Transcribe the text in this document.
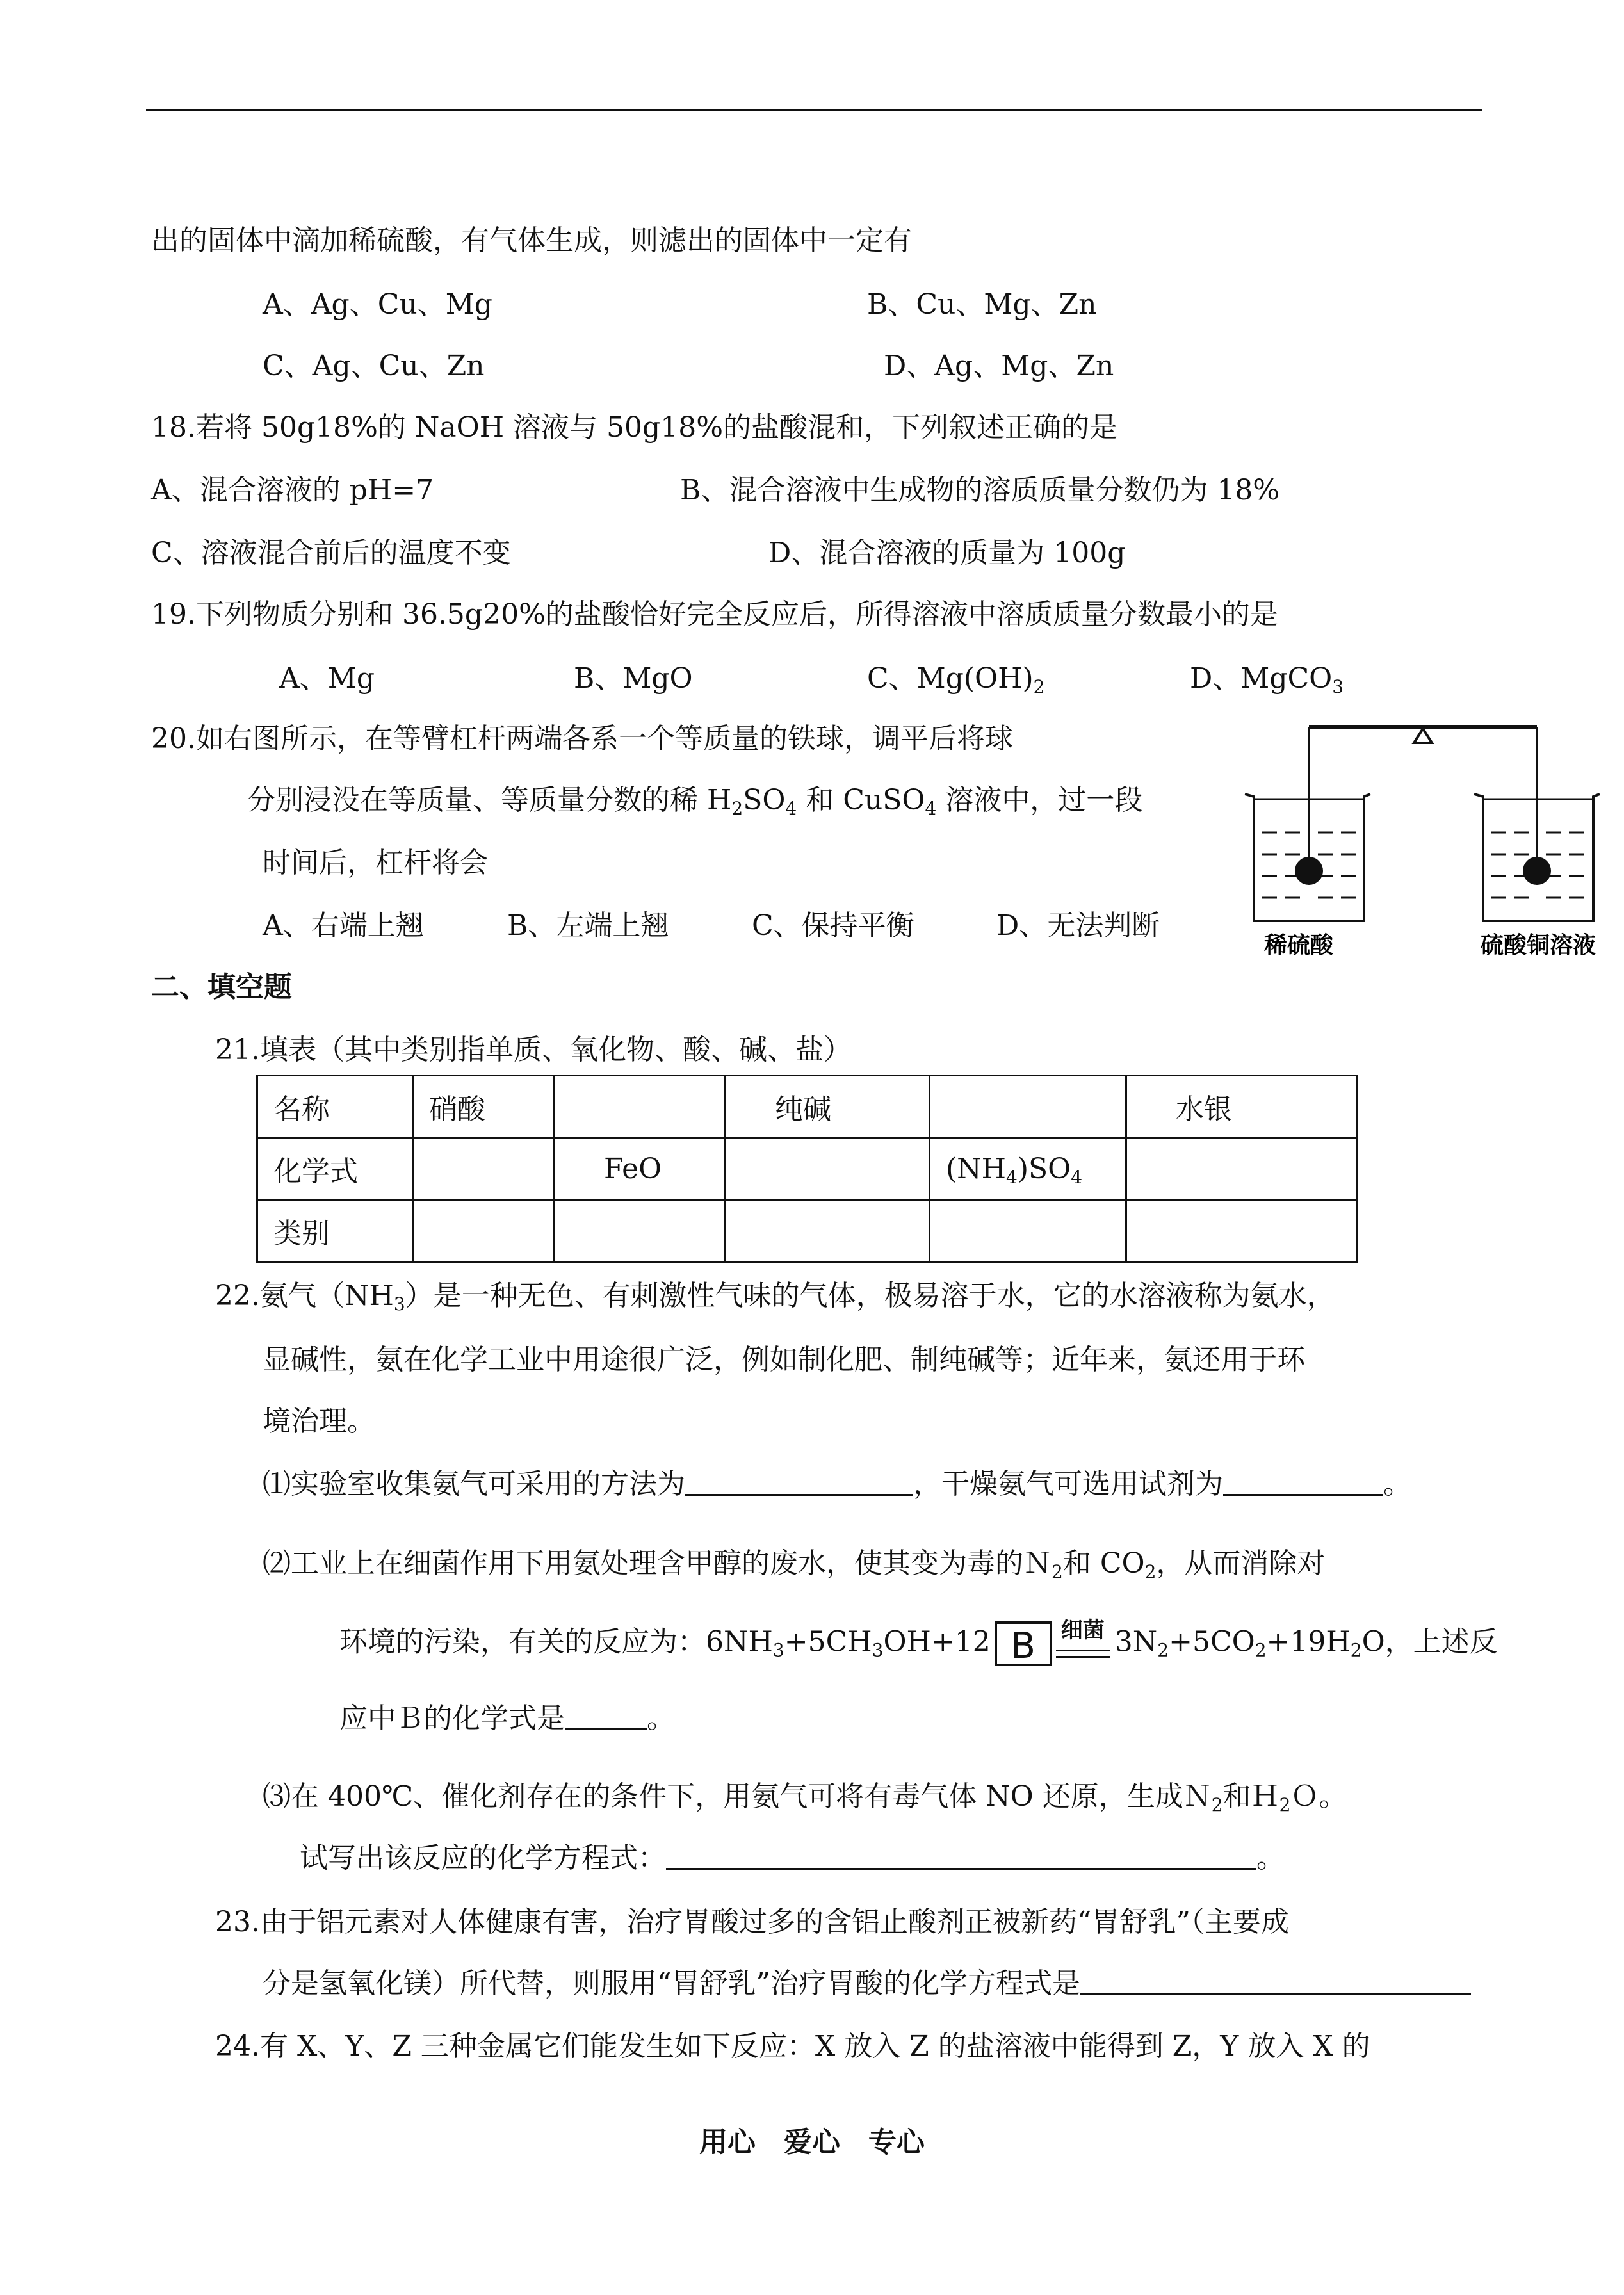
出的固体中滴加稀硫酸，有气体生成，则滤出的固体中一定有
A、Ag、Cu、Mg	B、Cu、Mg、Zn
C、Ag、Cu、Zn	D、Ag、Mg、Zn
18.若将 50g18%的 NaOH 溶液与 50g18%的盐酸混和，下列叙述正确的是
A、混合溶液的 pH=7	B、混合溶液中生成物的溶质质量分数仍为 18%
C、溶液混合前后的温度不变	D、混合溶液的质量为 100g
19.下列物质分别和 36.5g20%的盐酸恰好完全反应后，所得溶液中溶质质量分数最小的是
A、Mg	B、MgO	C、$Mg(OH)_2$	D、MgCO$_3$
20.如右图所示，在等臂杠杆两端各系一个等质量的铁球，调平后将球
分别浸没在等质量、等质量分数的稀 $H_2SO_4$ 和 CuSO$_4$ 溶液中，过一段
时间后，杠杆将会
A、右端上翘	B、左端上翘	C、保持平衡	D、无法判断
稀硫酸	硫酸铜溶液
二、填空题
21.填表（其中类别指单质、氧化物、酸、碱、盐）
名称	硝酸		纯碱		水银
化学式		FeO		$(NH_4)SO_4$	
类别					
22.氨气$(NH_3)$是一种无色、有刺激性气味的气体，极易溶于水，它的水溶液称为氨水，
显碱性，氨在化学工业中用途很广泛，例如制化肥、制纯碱等；近年来，氨还用于环
境治理。
⑴实验室收集氨气可采用的方法为	，干燥氨气可选用试剂为	。
⑵工业上在细菌作用下用氨处理含甲醇的废水，使其变为毒的Ｎ$_2$和 $CO_2$，从而消除对
环境的污染，有关的反应为：$6NH_3+5CH_3OH+12$ B 细菌 $3N_2+5CO_2+19H_2O$，上述反
应中Ｂ的化学式是	。
⑶在 400℃、催化剂存在的条件下，用氨气可将有毒气体 NO 还原，生成Ｎ$_2$和Ｈ$_2$Ｏ。
试写出该反应的化学方程式：	。
23.由于铝元素对人体健康有害，治疗胃酸过多的含铝止酸剂正被新药“胃舒乳”（主要成
分是氢氧化镁）所代替，则服用“胃舒乳”治疗胃酸的化学方程式是
24.有 X、Y、Z 三种金属它们能发生如下反应：X 放入 Z 的盐溶液中能得到 Z，Y 放入 X 的
用心　爱心　专心
